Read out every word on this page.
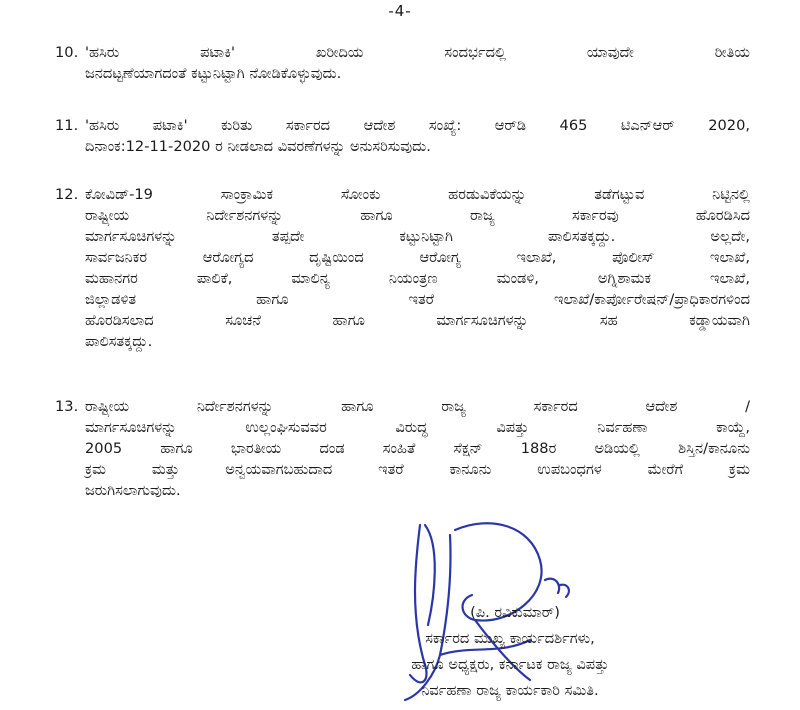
-4-
10. 'ಹಸಿರು ಪಟಾಕಿ' ಖರೀದಿಯ ಸಂದರ್ಭದಲ್ಲಿ ಯಾವುದೇ ರೀತಿಯ
ಜನದಟ್ಟಣೆಯಾಗದಂತೆ ಕಟ್ಟುನಿಟ್ಟಾಗಿ ನೋಡಿಕೊಳ್ಳುವುದು.
11. 'ಹಸಿರು ಪಟಾಕಿ' ಕುರಿತು ಸರ್ಕಾರದ ಆದೇಶ ಸಂಖ್ಯೆ: ಆರ್‌ಡಿ 465 ಟಿಎನ್‌ಆರ್ 2020,
ದಿನಾಂಕ:12-11-2020 ರ ನೀಡಲಾದ ವಿವರಣೆಗಳನ್ನು ಅನುಸರಿಸುವುದು.
12. ಕೋವಿಡ್-19 ಸಾಂಕ್ರಾಮಿಕ ಸೋಂಕು ಹರಡುವಿಕೆಯನ್ನು ತಡೆಗಟ್ಟುವ ನಿಟ್ಟಿನಲ್ಲಿ
ರಾಷ್ಟ್ರೀಯ ನಿರ್ದೇಶನಗಳನ್ನು ಹಾಗೂ ರಾಜ್ಯ ಸರ್ಕಾರವು ಹೊರಡಿಸಿದ
ಮಾರ್ಗಸೂಚಿಗಳನ್ನು ತಪ್ಪದೇ ಕಟ್ಟುನಿಟ್ಟಾಗಿ ಪಾಲಿಸತಕ್ಕದ್ದು. ಅಲ್ಲದೇ,
ಸಾರ್ವಜನಿಕರ ಆರೋಗ್ಯದ ದೃಷ್ಟಿಯಿಂದ ಆರೋಗ್ಯ ಇಲಾಖೆ, ಪೊಲೀಸ್ ಇಲಾಖೆ,
ಮಹಾನಗರ ಪಾಲಿಕೆ, ಮಾಲಿನ್ಯ ನಿಯಂತ್ರಣ ಮಂಡಳಿ, ಅಗ್ನಿಶಾಮಕ ಇಲಾಖೆ,
ಜಿಲ್ಲಾಡಳಿತ ಹಾಗೂ ಇತರೆ ಇಲಾಖೆ/ಕಾರ್ಪೋರೇಷನ್/ಪ್ರಾಧಿಕಾರಗಳಿಂದ
ಹೊರಡಿಸಲಾದ ಸೂಚನೆ ಹಾಗೂ ಮಾರ್ಗಸೂಚಿಗಳನ್ನು ಸಹ ಕಡ್ಡಾಯವಾಗಿ
ಪಾಲಿಸತಕ್ಕದ್ದು.
13. ರಾಷ್ಟ್ರೀಯ ನಿರ್ದೇಶನಗಳನ್ನು ಹಾಗೂ ರಾಜ್ಯ ಸರ್ಕಾರದ ಆದೇಶ /
ಮಾರ್ಗಸೂಚಿಗಳನ್ನು ಉಲ್ಲಂಘಿಸುವವರ ವಿರುದ್ಧ ವಿಪತ್ತು ನಿರ್ವಹಣಾ ಕಾಯ್ದೆ,
2005 ಹಾಗೂ ಭಾರತೀಯ ದಂಡ ಸಂಹಿತೆ ಸೆಕ್ಷನ್ 188ರ ಅಡಿಯಲ್ಲಿ ಶಿಸ್ತಿನ/ಕಾನೂನು
ಕ್ರಮ ಮತ್ತು ಅನ್ವಯವಾಗಬಹುದಾದ ಇತರೆ ಕಾನೂನು ಉಪಬಂಧಗಳ ಮೇರೆಗೆ ಕ್ರಮ
ಜರುಗಿಸಲಾಗುವುದು.
(ಪಿ. ರವಿಕುಮಾರ್)
ಸರ್ಕಾರದ ಮುಖ್ಯ ಕಾರ್ಯದರ್ಶಿಗಳು,
ಹಾಗೂ ಅಧ್ಯಕ್ಷರು, ಕರ್ನಾಟಕ ರಾಜ್ಯ ವಿಪತ್ತು
ನಿರ್ವಹಣಾ ರಾಜ್ಯ ಕಾರ್ಯಕಾರಿ ಸಮಿತಿ.
